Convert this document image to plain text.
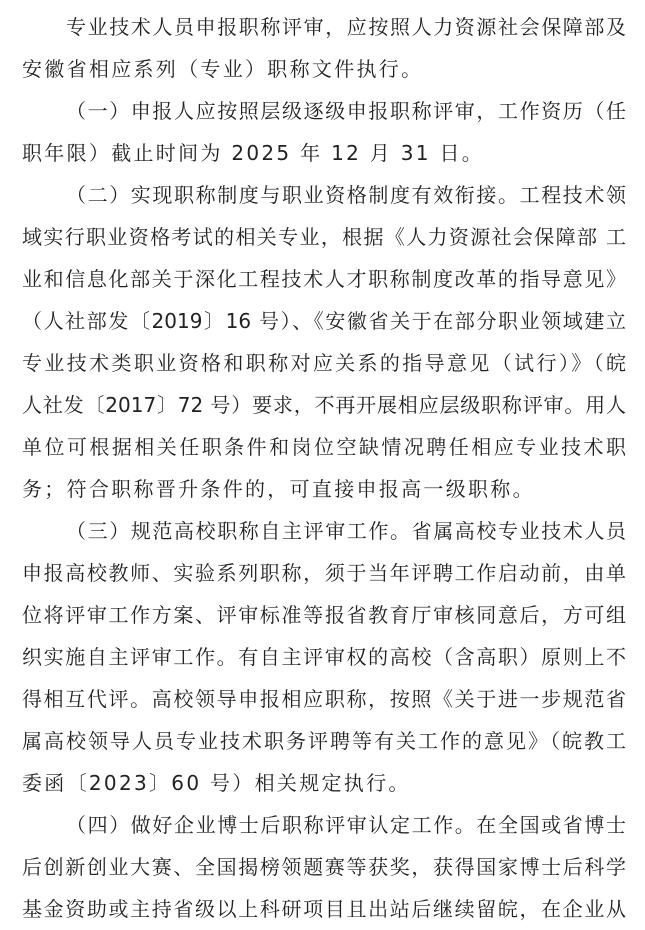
专业技术人员申报职称评审，应按照人力资源社会保障部及
安徽省相应系列（专业）职称文件执行。
（一）申报人应按照层级逐级申报职称评审，工作资历（任
职年限）截止时间为 2025 年 12 月 31 日。
（二）实现职称制度与职业资格制度有效衔接。工程技术领
域实行职业资格考试的相关专业，根据《人力资源社会保障部 工
业和信息化部关于深化工程技术人才职称制度改革的指导意见》
（人社部发〔2019〕16 号）、《安徽省关于在部分职业领域建立
专业技术类职业资格和职称对应关系的指导意见（试行）》（皖
人社发〔2017〕72 号）要求，不再开展相应层级职称评审。用人
单位可根据相关任职条件和岗位空缺情况聘任相应专业技术职
务；符合职称晋升条件的，可直接申报高一级职称。
（三）规范高校职称自主评审工作。省属高校专业技术人员
申报高校教师、实验系列职称，须于当年评聘工作启动前，由单
位将评审工作方案、评审标准等报省教育厅审核同意后，方可组
织实施自主评审工作。有自主评审权的高校（含高职）原则上不
得相互代评。高校领导申报相应职称，按照《关于进一步规范省
属高校领导人员专业技术职务评聘等有关工作的意见》（皖教工
委函〔2023〕60 号）相关规定执行。
（四）做好企业博士后职称评审认定工作。在全国或省博士
后创新创业大赛、全国揭榜领题赛等获奖，获得国家博士后科学
基金资助或主持省级以上科研项目且出站后继续留皖，在企业从
